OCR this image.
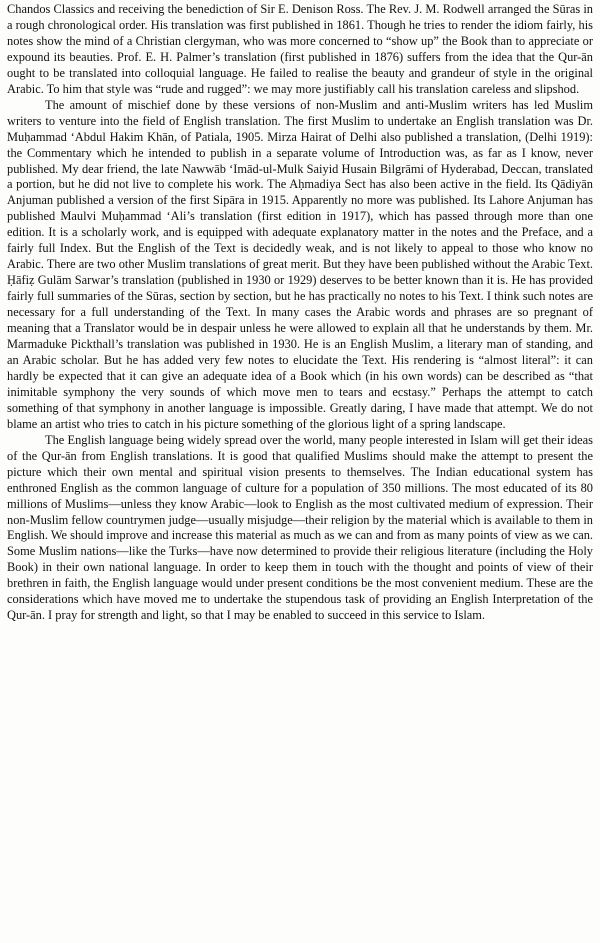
Chandos Classics and receiving the benediction of Sir E. Denison Ross. The Rev. J. M. Rodwell arranged the Sūras in a rough chronological order. His translation was first published in 1861. Though he tries to render the idiom fairly, his notes show the mind of a Christian clergyman, who was more concerned to “show up” the Book than to appreciate or expound its beauties. Prof. E. H. Palmer’s translation (first published in 1876) suffers from the idea that the Qur-ān ought to be translated into colloquial language. He failed to realise the beauty and grandeur of style in the original Arabic. To him that style was “rude and rugged”: we may more justifiably call his translation careless and slipshod.

The amount of mischief done by these versions of non-Muslim and anti-Muslim writers has led Muslim writers to venture into the field of English translation. The first Muslim to undertake an English translation was Dr. Muḥammad ‘Abdul Hakim Khān, of Patiala, 1905. Mirza Hairat of Delhi also published a translation, (Delhi 1919): the Commentary which he intended to publish in a separate volume of Introduction was, as far as I know, never published. My dear friend, the late Nawwāb ‘Imād-ul-Mulk Saiyid Husain Bilgrāmi of Hyderabad, Deccan, translated a portion, but he did not live to complete his work. The Aḥmadiya Sect has also been active in the field. Its Qādiyān Anjuman published a version of the first Sipāra in 1915. Apparently no more was published. Its Lahore Anjuman has published Maulvi Muḥammad ‘Ali’s translation (first edition in 1917), which has passed through more than one edition. It is a scholarly work, and is equipped with adequate explanatory matter in the notes and the Preface, and a fairly full Index. But the English of the Text is decidedly weak, and is not likely to appeal to those who know no Arabic. There are two other Muslim translations of great merit. But they have been published without the Arabic Text. Ḥāfiẓ Gulām Sarwar’s translation (published in 1930 or 1929) deserves to be better known than it is. He has provided fairly full summaries of the Sūras, section by section, but he has practically no notes to his Text. I think such notes are necessary for a full understanding of the Text. In many cases the Arabic words and phrases are so pregnant of meaning that a Translator would be in despair unless he were allowed to explain all that he understands by them. Mr. Marmaduke Pickthall’s translation was published in 1930. He is an English Muslim, a literary man of standing, and an Arabic scholar. But he has added very few notes to elucidate the Text. His rendering is “almost literal”: it can hardly be expected that it can give an adequate idea of a Book which (in his own words) can be described as “that inimitable symphony the very sounds of which move men to tears and ecstasy.” Perhaps the attempt to catch something of that symphony in another language is impossible. Greatly daring, I have made that attempt. We do not blame an artist who tries to catch in his picture something of the glorious light of a spring landscape.

The English language being widely spread over the world, many people interested in Islam will get their ideas of the Qur-ān from English translations. It is good that qualified Muslims should make the attempt to present the picture which their own mental and spiritual vision presents to themselves. The Indian educational system has enthroned English as the common language of culture for a population of 350 millions. The most educated of its 80 millions of Muslims—unless they know Arabic—look to English as the most cultivated medium of expression. Their non-Muslim fellow countrymen judge—usually misjudge—their religion by the material which is available to them in English. We should improve and increase this material as much as we can and from as many points of view as we can. Some Muslim nations—like the Turks—have now determined to provide their religious literature (including the Holy Book) in their own national language. In order to keep them in touch with the thought and points of view of their brethren in faith, the English language would under present conditions be the most convenient medium. These are the considerations which have moved me to undertake the stupendous task of providing an English Interpretation of the Qur-ān. I pray for strength and light, so that I may be enabled to succeed in this service to Islam.
